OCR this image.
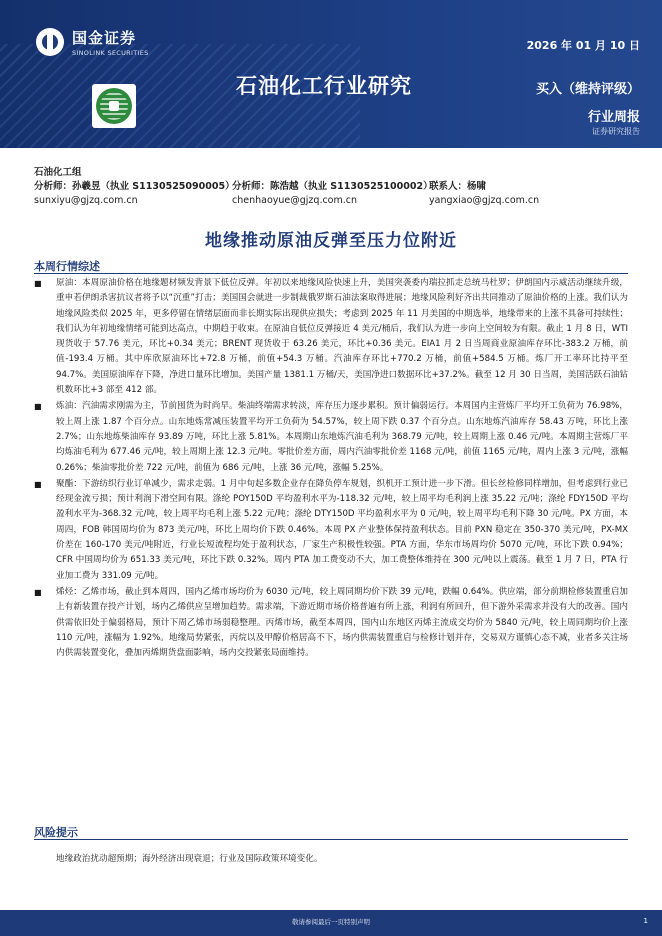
国金证券
SINOLINK SECURITIES
2026 年 01 月 10 日
石油化工行业研究	买入（维持评级）
行业周报
证券研究报告
石油化工组
分析师：孙羲昱（执业 S1130525090005）
分析师：陈浩越（执业 S1130525100002）
联系人：杨啸
sunxiyu@gjzq.com.cn	chenhaoyue@gjzq.com.cn	yangxiao@gjzq.com.cn
地缘推动原油反弹至压力位附近
本周行情综述
■	原油：本周原油价格在地缘题材频发背景下低位反弹。年初以来地缘风险快速上升，美国突袭委内瑞拉抓走总统马杜罗；伊朗国内示威活动继续升级，重申若伊朗杀害抗议者将予以“沉重”打击；美国国会就进一步制裁俄罗斯石油法案取得进展；地缘风险利好齐出共同推动了原油价格的上涨。我们认为地缘风险类似 2025 年，更多停留在情绪层面而非长期实际出现供应损失；考虑到 2025 年 11 月美国的中期选举，地缘带来的上涨不具备可持续性；我们认为年初地缘情绪可能到达高点，中期趋于收束。在原油自低位反弹接近 4 美元/桶后，我们认为进一步向上空间较为有限。截止 1 月 8 日，WTI 现货收于 57.76 美元，环比+0.34 美元；BRENT 现货收于 63.26 美元，环比+0.36 美元。EIA1 月 2 日当周商业原油库存环比-383.2 万桶，前值-193.4 万桶。其中库欣原油环比+72.8 万桶，前值+54.3 万桶。汽油库存环比+770.2 万桶，前值+584.5 万桶。炼厂开工率环比持平至 94.7%。美国原油库存下降，净进口量环比增加。美国产量 1381.1 万桶/天，美国净进口数据环比+37.2%。截至 12 月 30 日当周，美国活跃石油钻机数环比+3 部至 412 部。
■	炼油：汽油需求刚需为主，节前囤货为时尚早。柴油终端需求转淡，库存压力逐步累积。预计偏弱运行。本周国内主营炼厂平均开工负荷为 76.98%，较上周上涨 1.87 个百分点。山东地炼常减压装置平均开工负荷为 54.57%，较上周下跌 0.37 个百分点。山东地炼汽油库存 58.43 万吨，环比上涨 2.7%；山东地炼柴油库存 93.89 万吨，环比上涨 5.81%。本周期山东地炼汽油毛利为 368.79 元/吨，较上周期上涨 0.46 元/吨。本周期主营炼厂平均炼油毛利为 677.46 元/吨，较上周期上涨 12.3 元/吨。零批价差方面，周内汽油零批价差 1168 元/吨，前值 1165 元/吨，周内上涨 3 元/吨，涨幅 0.26%；柴油零批价差 722 元/吨，前值为 686 元/吨，上涨 36 元/吨，涨幅 5.25%。
■	聚酯：下游纺织行业订单减少，需求走弱。1 月中旬起多数企业存在降负停车规划，织机开工预计进一步下滑。但长丝检修同样增加，但考虑到行业已经现金流亏损；预计利润下滑空间有限。涤纶 POY150D 平均盈利水平为-118.32 元/吨，较上周平均毛利润上涨 35.22 元/吨；涤纶 FDY150D 平均盈利水平为-368.32 元/吨，较上周平均毛利上涨 5.22 元/吨；涤纶 DTY150D 平均盈利水平为 0 元/吨，较上周平均毛利下降 30 元/吨。PX 方面，本周四，FOB 韩国周均价为 873 美元/吨，环比上周均价下跌 0.46%。本周 PX 产业整体保持盈利状态。目前 PXN 稳定在 350-370 美元/吨，PX-MX 价差在 160-170 美元/吨附近，行业长短流程均处于盈利状态，厂家生产积极性较强。PTA 方面，华东市场周均价 5070 元/吨，环比下跌 0.94%；CFR 中国周均价为 651.33 美元/吨，环比下跌 0.32%。周内 PTA 加工费变动不大，加工费整体维持在 300 元/吨以上震荡。截至 1 月 7 日，PTA 行业加工费为 331.09 元/吨。
■	烯烃：乙烯市场，截止到本周四，国内乙烯市场均价为 6030 元/吨，较上周同期均价下跌 39 元/吨，跌幅 0.64%。供应端，部分前期检修装置重启加上有新装置存投产计划，场内乙烯供应呈增加趋势。需求端，下游近期市场价格普遍有所上涨，利润有所回升，但下游外采需求并没有大的改善。国内供需依旧处于偏弱格局，预计下周乙烯市场弱稳整理。丙烯市场，截至本周四，国内山东地区丙烯主流成交均价为 5840 元/吨，较上周同期均价上涨 110 元/吨，涨幅为 1.92%。地缘局势紧张，丙烷以及甲醇价格居高不下，场内供需装置重启与检修计划并存，交易双方谨慎心态不减，业者多关注场内供需装置变化，叠加丙烯期货盘面影响，场内交投紧张局面维持。
风险提示
地缘政治扰动超预期；海外经济出现衰退；行业及国际政策环境变化。
敬请参阅最后一页特别声明	1
